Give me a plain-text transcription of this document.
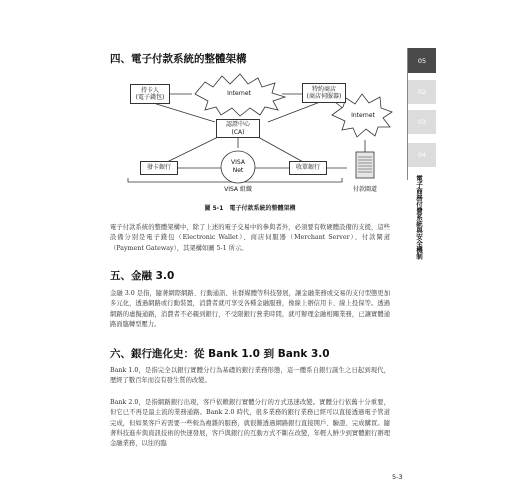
四、電子付款系統的整體架構
持卡人
(電子錢包)
Internet
特約商店
(商店伺服器)
認證中心
(CA)
Internet
發卡銀行
VISA
Net	收單銀行
VISA 組織	付款閘道
圖 5-1　電子付款系統的整體架構

電子付款系統的整體架構中，除了上述的電子交易中的參與者外，必須要有軟硬體設備的支援，這些設備分別是電子錢包（Electronic Wallet）、商店伺服器（Merchant Server）、付款閘道（Payment Gateway），其架構如圖 5-1 所示。

五、金融 3.0

金融 3.0 是指，隨著網際網路、行動通訊、社群媒體等科技發展，讓金融業務或交易的支付型態更加多元化，透過網路或行動裝置，消費者就可享受各種金融服務，像線上辦信用卡、線上投保等。透過網路的虛擬通路，消費者不必親到銀行，不受限銀行營業時間，就可辦理金融相關業務，已讓實體通路面臨轉型壓力。

六、銀行進化史：從 Bank 1.0 到 Bank 3.0

Bank 1.0，是指完全以銀行實體分行為基礎的銀行業務形態，這一體系自銀行誕生之日起到現代，歷經了數百年而沒有發生質的改變。

Bank 2.0，是指網路銀行出現，客戶依賴銀行實體分行的方式迅速改變。實體分行依舊十分重要，但它已不再是最主流的業務通路。Bank 2.0 時代，很多業務的銀行業務已經可以直接透過電子管道完成，但如果客戶若需要一些較為複雜的服務，就很難透過網路銀行直接開戶、驗證、完成購買。隨著科技進步與資訊技術的快速發展，客戶與銀行的互動方式不斷在改變，年輕人鮮少到實體銀行辦理金融業務，以往的臨

05
02
03
04
電子商務付費系統與安全機制
5-3
